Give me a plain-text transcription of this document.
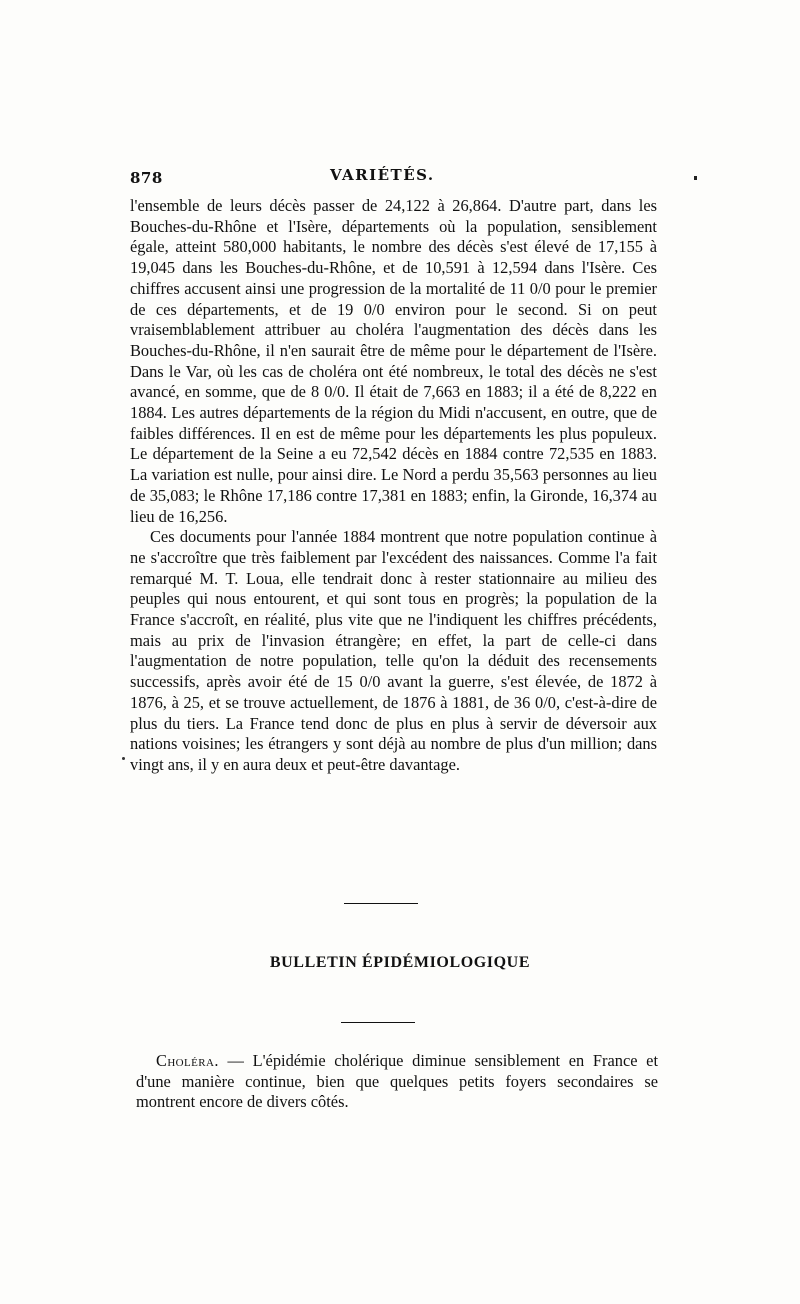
878	VARIÉTÉS.

l'ensemble de leurs décès passer de 24,122 à 26,864. D'autre part, dans les Bouches-du-Rhône et l'Isère, départements où la population, sensiblement égale, atteint 580,000 habitants, le nombre des décès s'est élevé de 17,155 à 19,045 dans les Bouches-du-Rhône, et de 10,591 à 12,594 dans l'Isère. Ces chiffres accusent ainsi une progression de la mortalité de 11 0/0 pour le premier de ces départements, et de 19 0/0 environ pour le second. Si on peut vraisemblablement attribuer au choléra l'augmentation des décès dans les Bouches-du-Rhône, il n'en saurait être de même pour le département de l'Isère. Dans le Var, où les cas de choléra ont été nombreux, le total des décès ne s'est avancé, en somme, que de 8 0/0. Il était de 7,663 en 1883; il a été de 8,222 en 1884. Les autres départements de la région du Midi n'accusent, en outre, que de faibles différences. Il en est de même pour les départements les plus populeux. Le département de la Seine a eu 72,542 décès en 1884 contre 72,535 en 1883. La variation est nulle, pour ainsi dire. Le Nord a perdu 35,563 personnes au lieu de 35,083; le Rhône 17,186 contre 17,381 en 1883; enfin, la Gironde, 16,374 au lieu de 16,256.

Ces documents pour l'année 1884 montrent que notre population continue à ne s'accroître que très faiblement par l'excédent des naissances. Comme l'a fait remarqué M. T. Loua, elle tendrait donc à rester stationnaire au milieu des peuples qui nous entourent, et qui sont tous en progrès; la population de la France s'accroît, en réalité, plus vite que ne l'indiquent les chiffres précédents, mais au prix de l'invasion étrangère; en effet, la part de celle-ci dans l'augmentation de notre population, telle qu'on la déduit des recensements successifs, après avoir été de 15 0/0 avant la guerre, s'est élevée, de 1872 à 1876, à 25, et se trouve actuellement, de 1876 à 1881, de 36 0/0, c'est-à-dire de plus du tiers. La France tend donc de plus en plus à servir de déversoir aux nations voisines; les étrangers y sont déjà au nombre de plus d'un million; dans vingt ans, il y en aura deux et peut-être davantage.

BULLETIN ÉPIDÉMIOLOGIQUE

Choléra. — L'épidémie cholérique diminue sensiblement en France et d'une manière continue, bien que quelques petits foyers secondaires se montrent encore de divers côtés.
